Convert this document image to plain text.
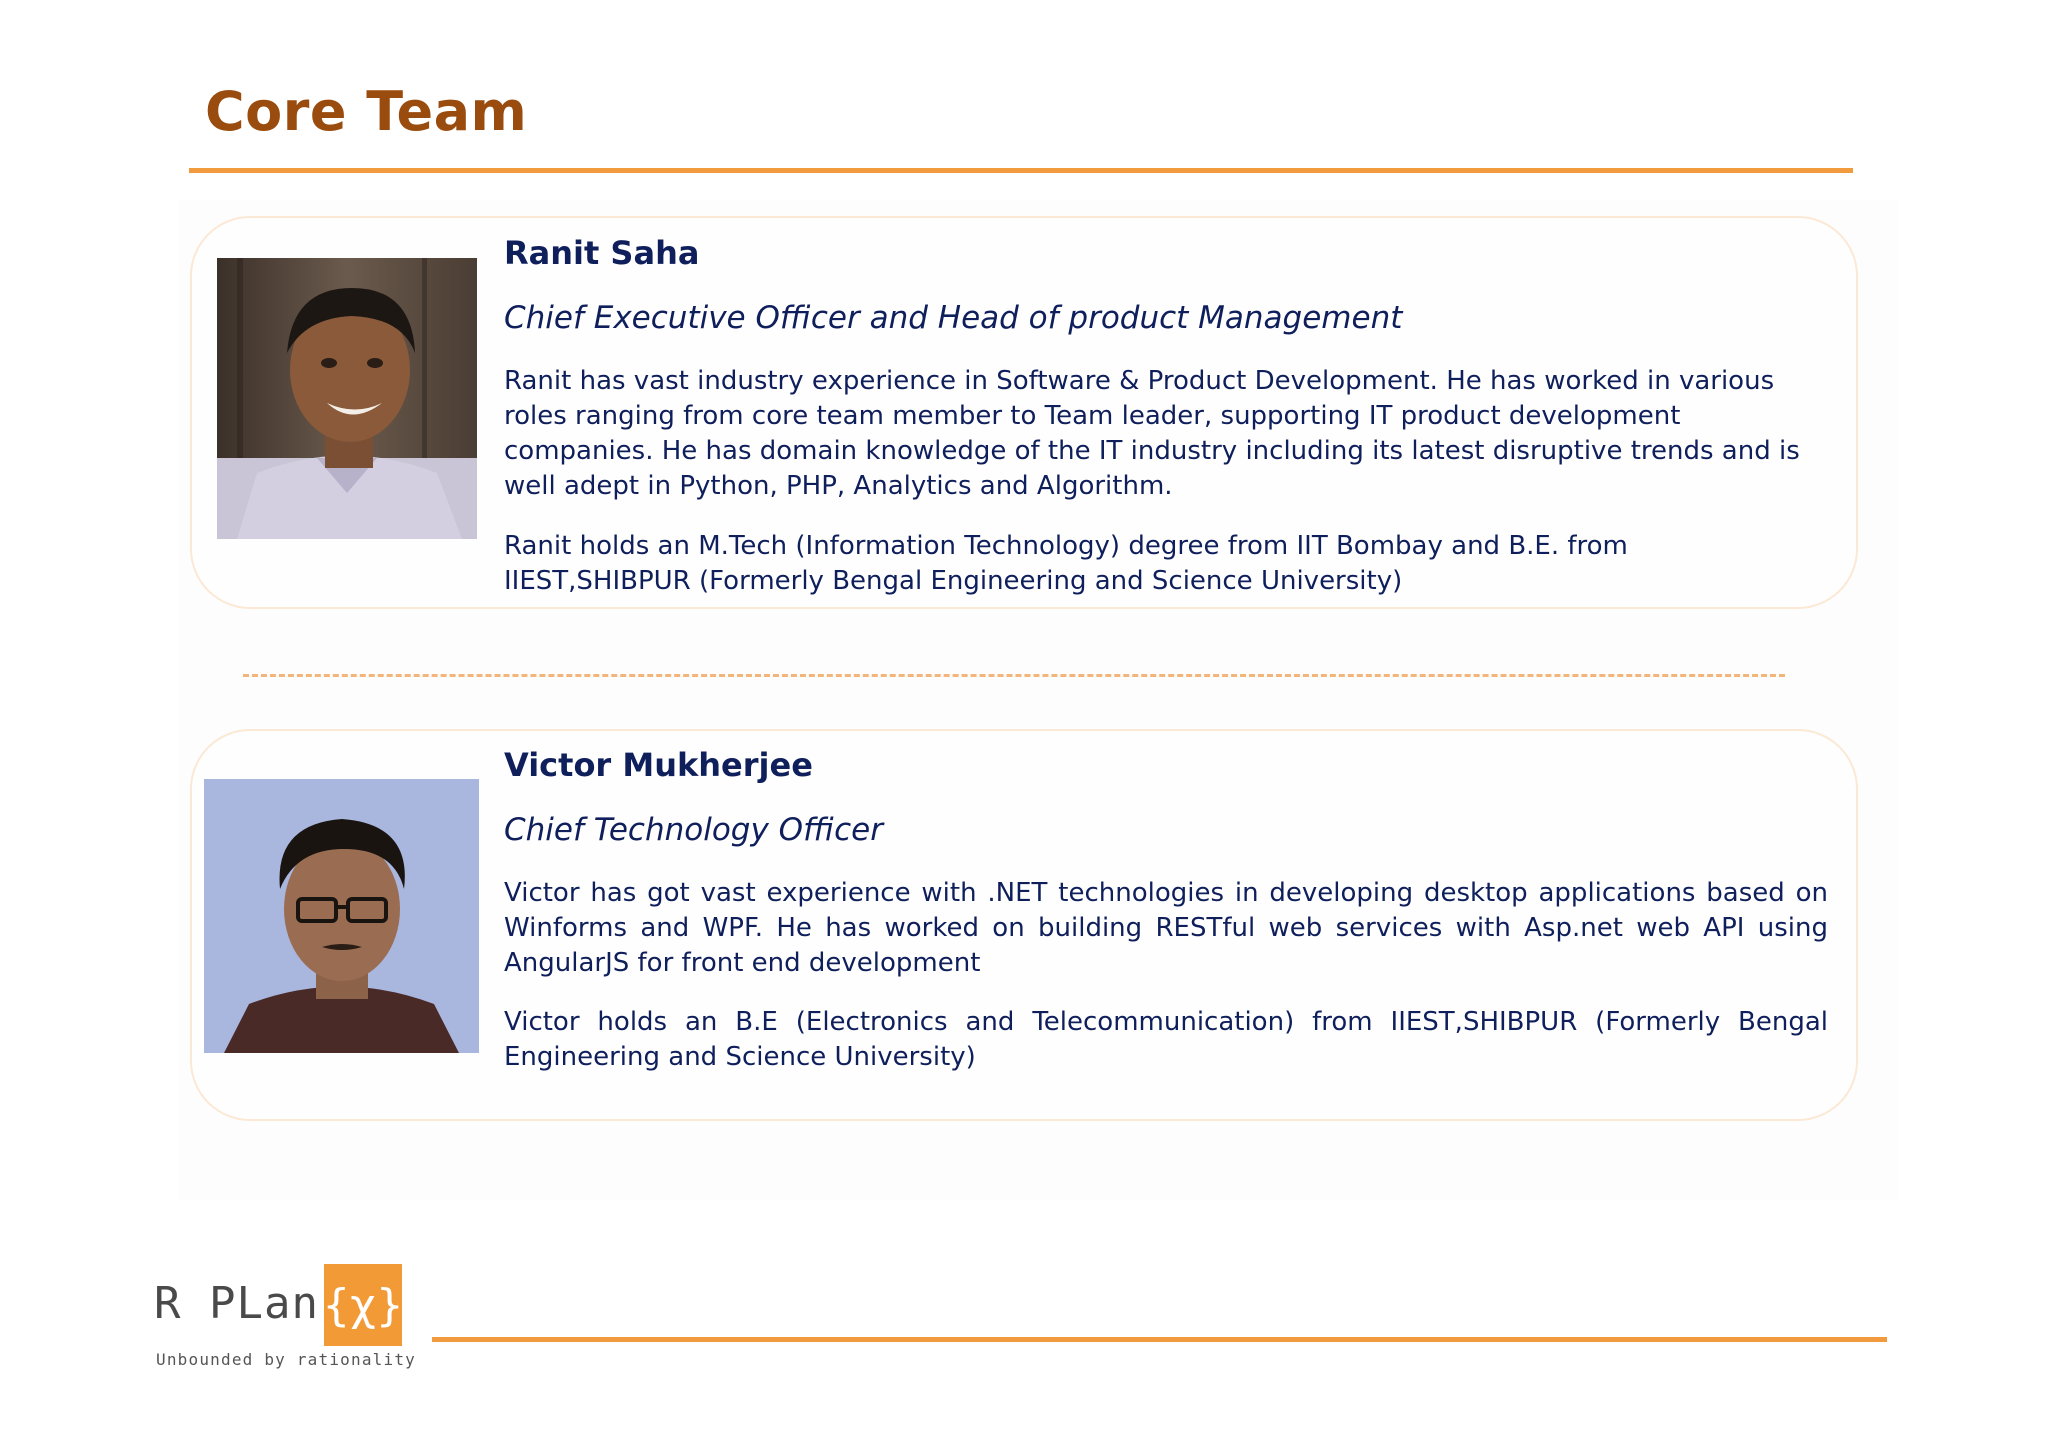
Core Team
Ranit Saha
Chief Executive Officer and Head of product Management
Ranit has vast industry experience in Software & Product Development. He has worked in various roles ranging from core team member to Team leader, supporting IT product development companies. He has domain knowledge of the IT industry including its latest disruptive trends and is well adept in Python, PHP, Analytics and Algorithm.
Ranit holds an M.Tech (Information Technology) degree from IIT Bombay and B.E. from IIEST,SHIBPUR (Formerly Bengal Engineering and Science University)
Victor Mukherjee
Chief Technology Officer
Victor has got vast experience with .NET technologies in developing desktop applications based on Winforms and WPF. He has worked on building RESTful web services with Asp.net web API using AngularJS for front end development
Victor holds an B.E (Electronics and Telecommunication) from IIEST,SHIBPUR (Formerly Bengal Engineering and Science University)
R PLan {χ}
Unbounded by rationality
